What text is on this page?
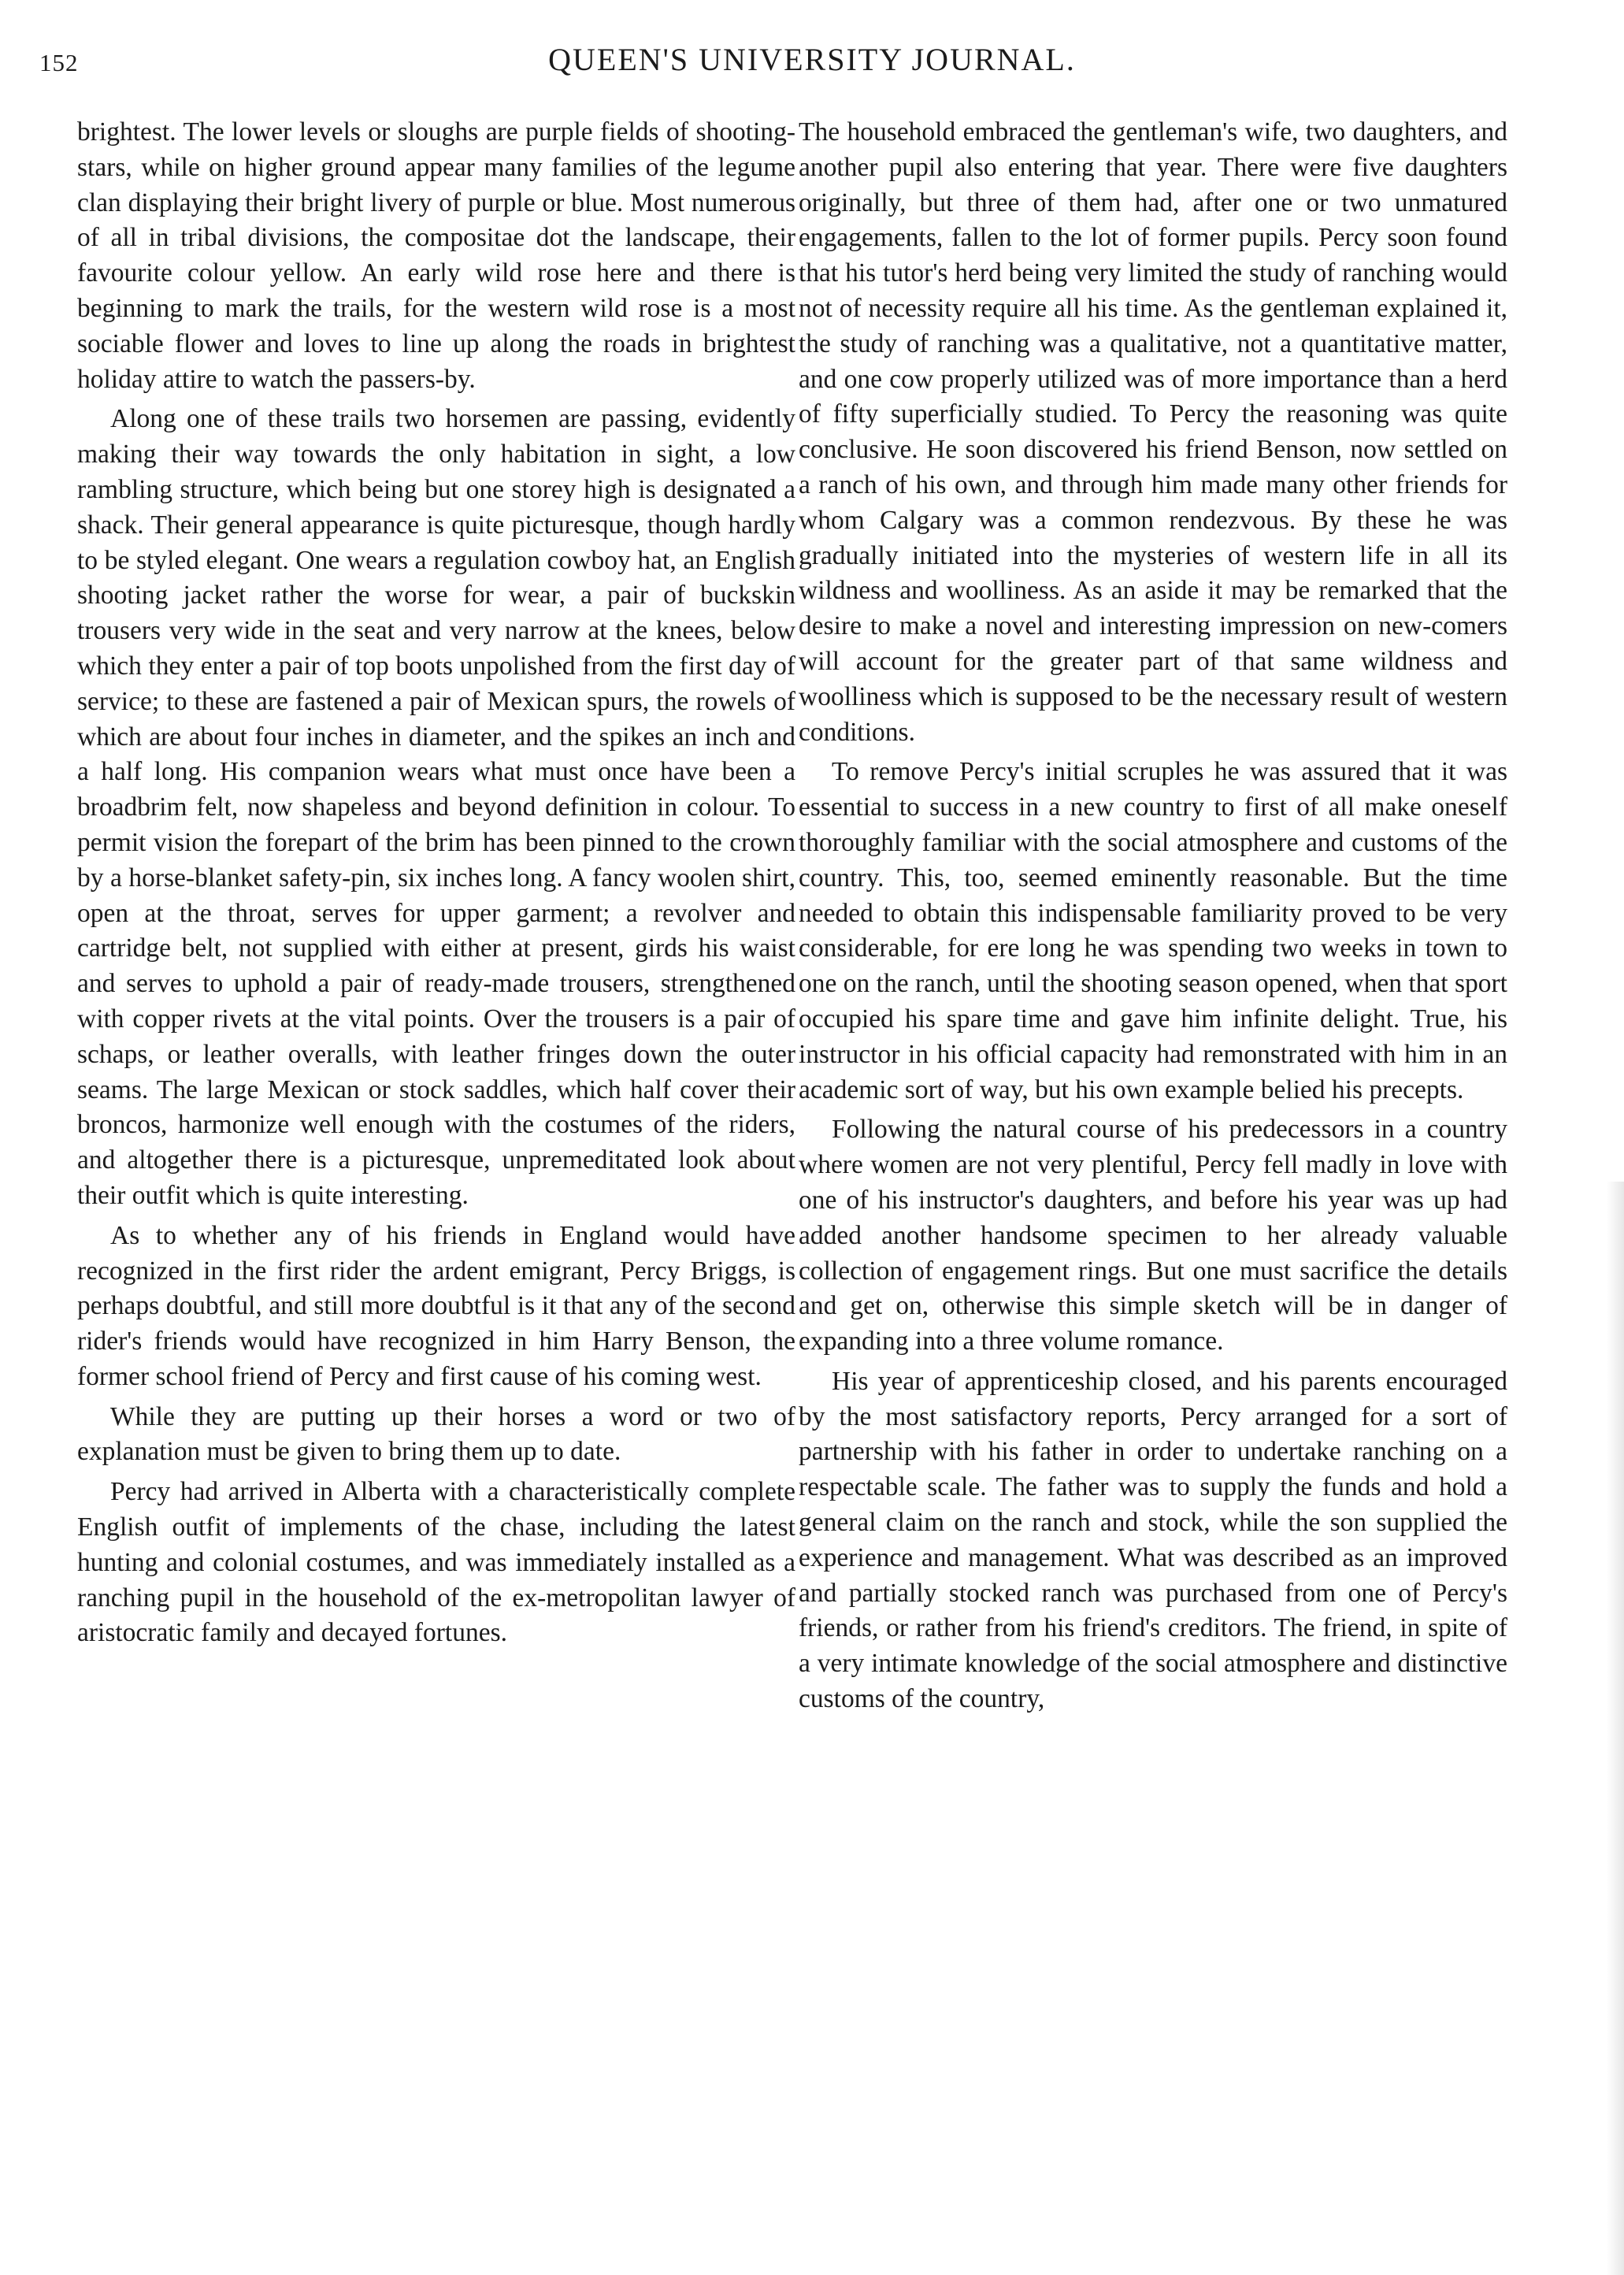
152	QUEEN'S UNIVERSITY JOURNAL.

brightest. The lower levels or sloughs are purple fields of shooting-stars, while on higher ground appear many families of the legume clan displaying their bright livery of purple or blue. Most numerous of all in tribal divisions, the compositae dot the landscape, their favourite colour yellow. An early wild rose here and there is beginning to mark the trails, for the western wild rose is a most sociable flower and loves to line up along the roads in brightest holiday attire to watch the passers-by.

Along one of these trails two horsemen are passing, evidently making their way towards the only habitation in sight, a low rambling structure, which being but one storey high is designated a shack. Their general appearance is quite picturesque, though hardly to be styled elegant. One wears a regulation cowboy hat, an English shooting jacket rather the worse for wear, a pair of buckskin trousers very wide in the seat and very narrow at the knees, below which they enter a pair of top boots unpolished from the first day of service; to these are fastened a pair of Mexican spurs, the rowels of which are about four inches in diameter, and the spikes an inch and a half long. His companion wears what must once have been a broadbrim felt, now shapeless and beyond definition in colour. To permit vision the forepart of the brim has been pinned to the crown by a horse-blanket safety-pin, six inches long. A fancy woolen shirt, open at the throat, serves for upper garment; a revolver and cartridge belt, not supplied with either at present, girds his waist and serves to uphold a pair of ready-made trousers, strengthened with copper rivets at the vital points. Over the trousers is a pair of schaps, or leather overalls, with leather fringes down the outer seams. The large Mexican or stock saddles, which half cover their broncos, harmonize well enough with the costumes of the riders, and altogether there is a picturesque, unpremeditated look about their outfit which is quite interesting.

As to whether any of his friends in England would have recognized in the first rider the ardent emigrant, Percy Briggs, is perhaps doubtful, and still more doubtful is it that any of the second rider's friends would have recognized in him Harry Benson, the former school friend of Percy and first cause of his coming west.

While they are putting up their horses a word or two of explanation must be given to bring them up to date.

Percy had arrived in Alberta with a characteristically complete English outfit of implements of the chase, including the latest hunting and colonial costumes, and was immediately installed as a ranching pupil in the household of the ex-metropolitan lawyer of aristocratic family and decayed fortunes.

The household embraced the gentleman's wife, two daughters, and another pupil also entering that year. There were five daughters originally, but three of them had, after one or two unmatured engagements, fallen to the lot of former pupils. Percy soon found that his tutor's herd being very limited the study of ranching would not of necessity require all his time. As the gentleman explained it, the study of ranching was a qualitative, not a quantitative matter, and one cow properly utilized was of more importance than a herd of fifty superficially studied. To Percy the reasoning was quite conclusive. He soon discovered his friend Benson, now settled on a ranch of his own, and through him made many other friends for whom Calgary was a common rendezvous. By these he was gradually initiated into the mysteries of western life in all its wildness and woolliness. As an aside it may be remarked that the desire to make a novel and interesting impression on new-comers will account for the greater part of that same wildness and woolliness which is supposed to be the necessary result of western conditions.

To remove Percy's initial scruples he was assured that it was essential to success in a new country to first of all make oneself thoroughly familiar with the social atmosphere and customs of the country. This, too, seemed eminently reasonable. But the time needed to obtain this indispensable familiarity proved to be very considerable, for ere long he was spending two weeks in town to one on the ranch, until the shooting season opened, when that sport occupied his spare time and gave him infinite delight. True, his instructor in his official capacity had remonstrated with him in an academic sort of way, but his own example belied his precepts.

Following the natural course of his predecessors in a country where women are not very plentiful, Percy fell madly in love with one of his instructor's daughters, and before his year was up had added another handsome specimen to her already valuable collection of engagement rings. But one must sacrifice the details and get on, otherwise this simple sketch will be in danger of expanding into a three volume romance.

His year of apprenticeship closed, and his parents encouraged by the most satisfactory reports, Percy arranged for a sort of partnership with his father in order to undertake ranching on a respectable scale. The father was to supply the funds and hold a general claim on the ranch and stock, while the son supplied the experience and management. What was described as an improved and partially stocked ranch was purchased from one of Percy's friends, or rather from his friend's creditors. The friend, in spite of a very intimate knowledge of the social atmosphere and distinctive customs of the country,
